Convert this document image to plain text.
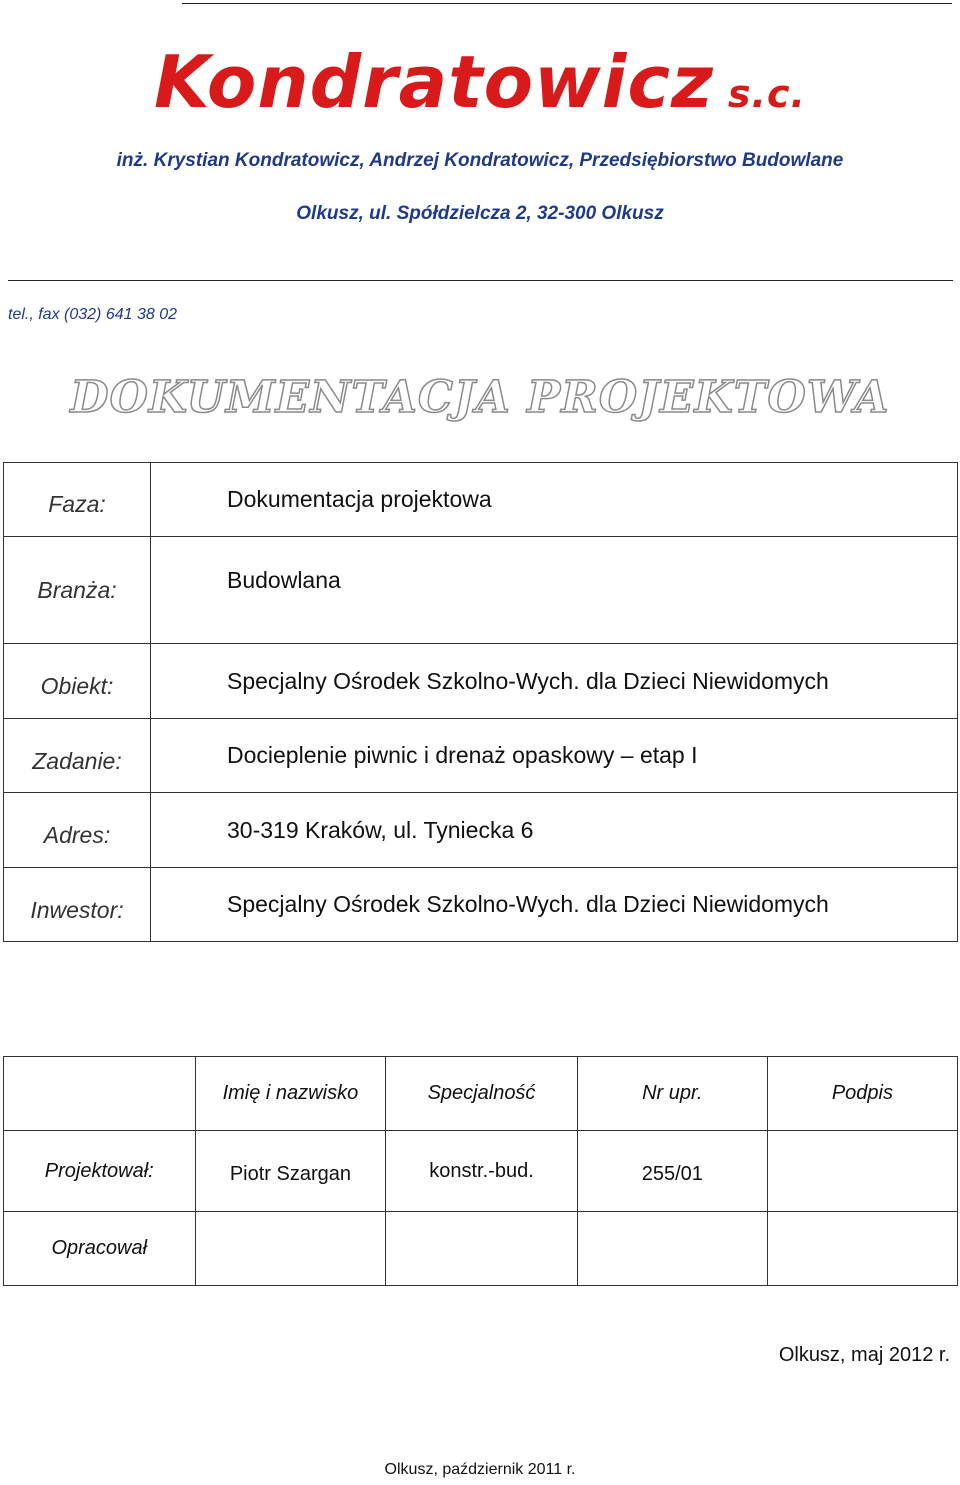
Kondratowicz s.c.
inż. Krystian Kondratowicz, Andrzej Kondratowicz, Przedsiębiorstwo Budowlane
Olkusz, ul. Spółdzielcza 2, 32-300 Olkusz
tel., fax (032) 641 38 02
DOKUMENTACJA PROJEKTOWA
Faza:	Dokumentacja projektowa
Branża:	Budowlana
Obiekt:	Specjalny Ośrodek Szkolno-Wych. dla Dzieci Niewidomych
Zadanie:	Docieplenie piwnic i drenaż opaskowy – etap I
Adres:	30-319 Kraków, ul. Tyniecka 6
Inwestor:	Specjalny Ośrodek Szkolno-Wych. dla Dzieci Niewidomych
	Imię i nazwisko	Specjalność	Nr upr.	Podpis
Projektował:	Piotr Szargan	konstr.-bud.	255/01	
Opracował				
Olkusz, maj 2012 r.
Olkusz, październik 2011 r.
